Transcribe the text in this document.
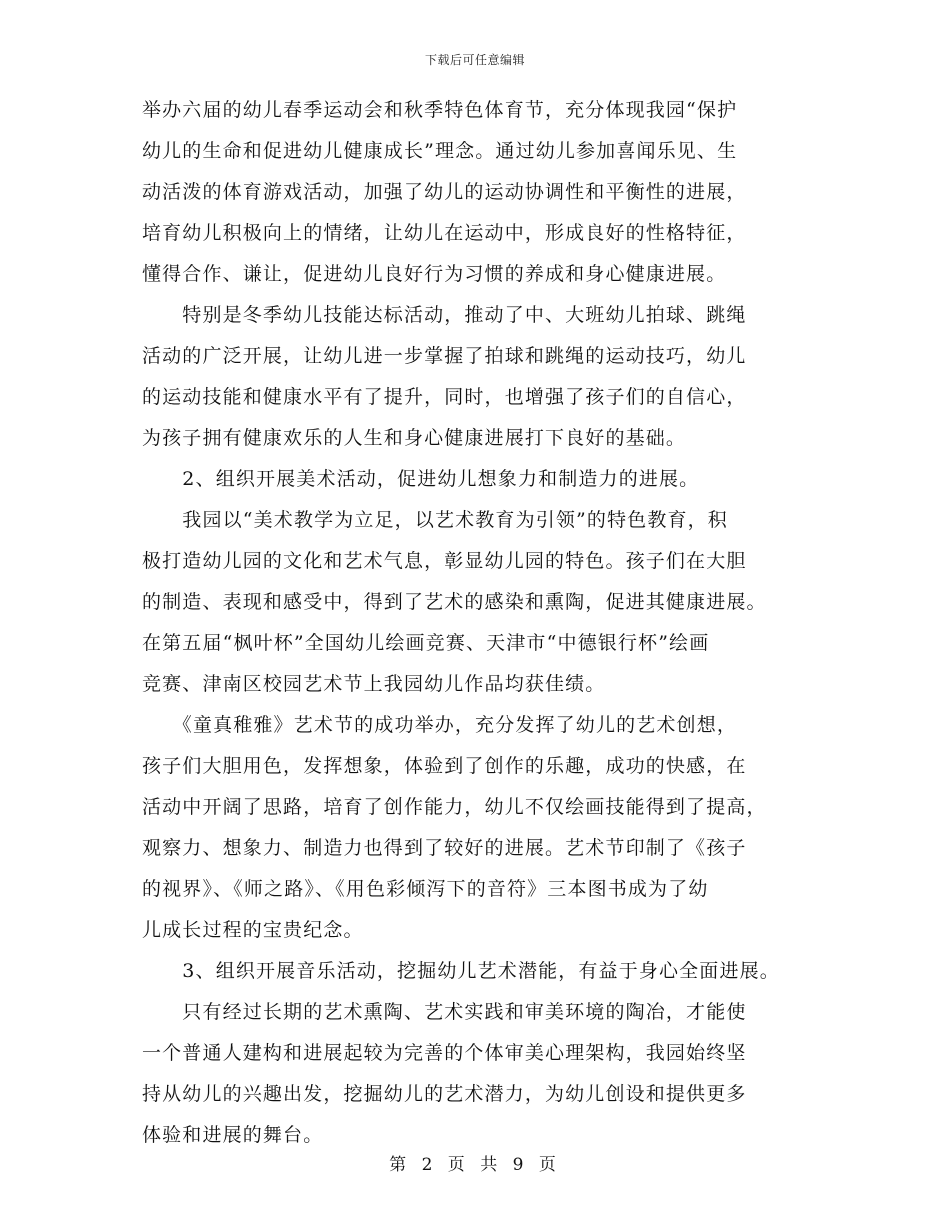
下载后可任意编辑
举办六届的幼儿春季运动会和秋季特色体育节，充分体现我园“保护
幼儿的生命和促进幼儿健康成长”理念。通过幼儿参加喜闻乐见、生
动活泼的体育游戏活动，加强了幼儿的运动协调性和平衡性的进展，
培育幼儿积极向上的情绪，让幼儿在运动中，形成良好的性格特征，
懂得合作、谦让，促进幼儿良好行为习惯的养成和身心健康进展。
　　特别是冬季幼儿技能达标活动，推动了中、大班幼儿拍球、跳绳
活动的广泛开展，让幼儿进一步掌握了拍球和跳绳的运动技巧，幼儿
的运动技能和健康水平有了提升，同时，也增强了孩子们的自信心，
为孩子拥有健康欢乐的人生和身心健康进展打下良好的基础。
　　2、组织开展美术活动，促进幼儿想象力和制造力的进展。
　　我园以“美术教学为立足，以艺术教育为引领”的特色教育，积
极打造幼儿园的文化和艺术气息，彰显幼儿园的特色。孩子们在大胆
的制造、表现和感受中，得到了艺术的感染和熏陶，促进其健康进展。
在第五届“枫叶杯”全国幼儿绘画竞赛、天津市“中德银行杯”绘画
竞赛、津南区校园艺术节上我园幼儿作品均获佳绩。
　　《童真稚雅》艺术节的成功举办，充分发挥了幼儿的艺术创想，
孩子们大胆用色，发挥想象，体验到了创作的乐趣，成功的快感，在
活动中开阔了思路，培育了创作能力，幼儿不仅绘画技能得到了提高，
观察力、想象力、制造力也得到了较好的进展。艺术节印制了《孩子
的视界》、《师之路》、《用色彩倾泻下的音符》三本图书成为了幼
儿成长过程的宝贵纪念。
　　3、组织开展音乐活动，挖掘幼儿艺术潜能，有益于身心全面进展。
　　只有经过长期的艺术熏陶、艺术实践和审美环境的陶冶，才能使
一个普通人建构和进展起较为完善的个体审美心理架构，我园始终坚
持从幼儿的兴趣出发，挖掘幼儿的艺术潜力，为幼儿创设和提供更多
体验和进展的舞台。
第 2 页 共 9 页
